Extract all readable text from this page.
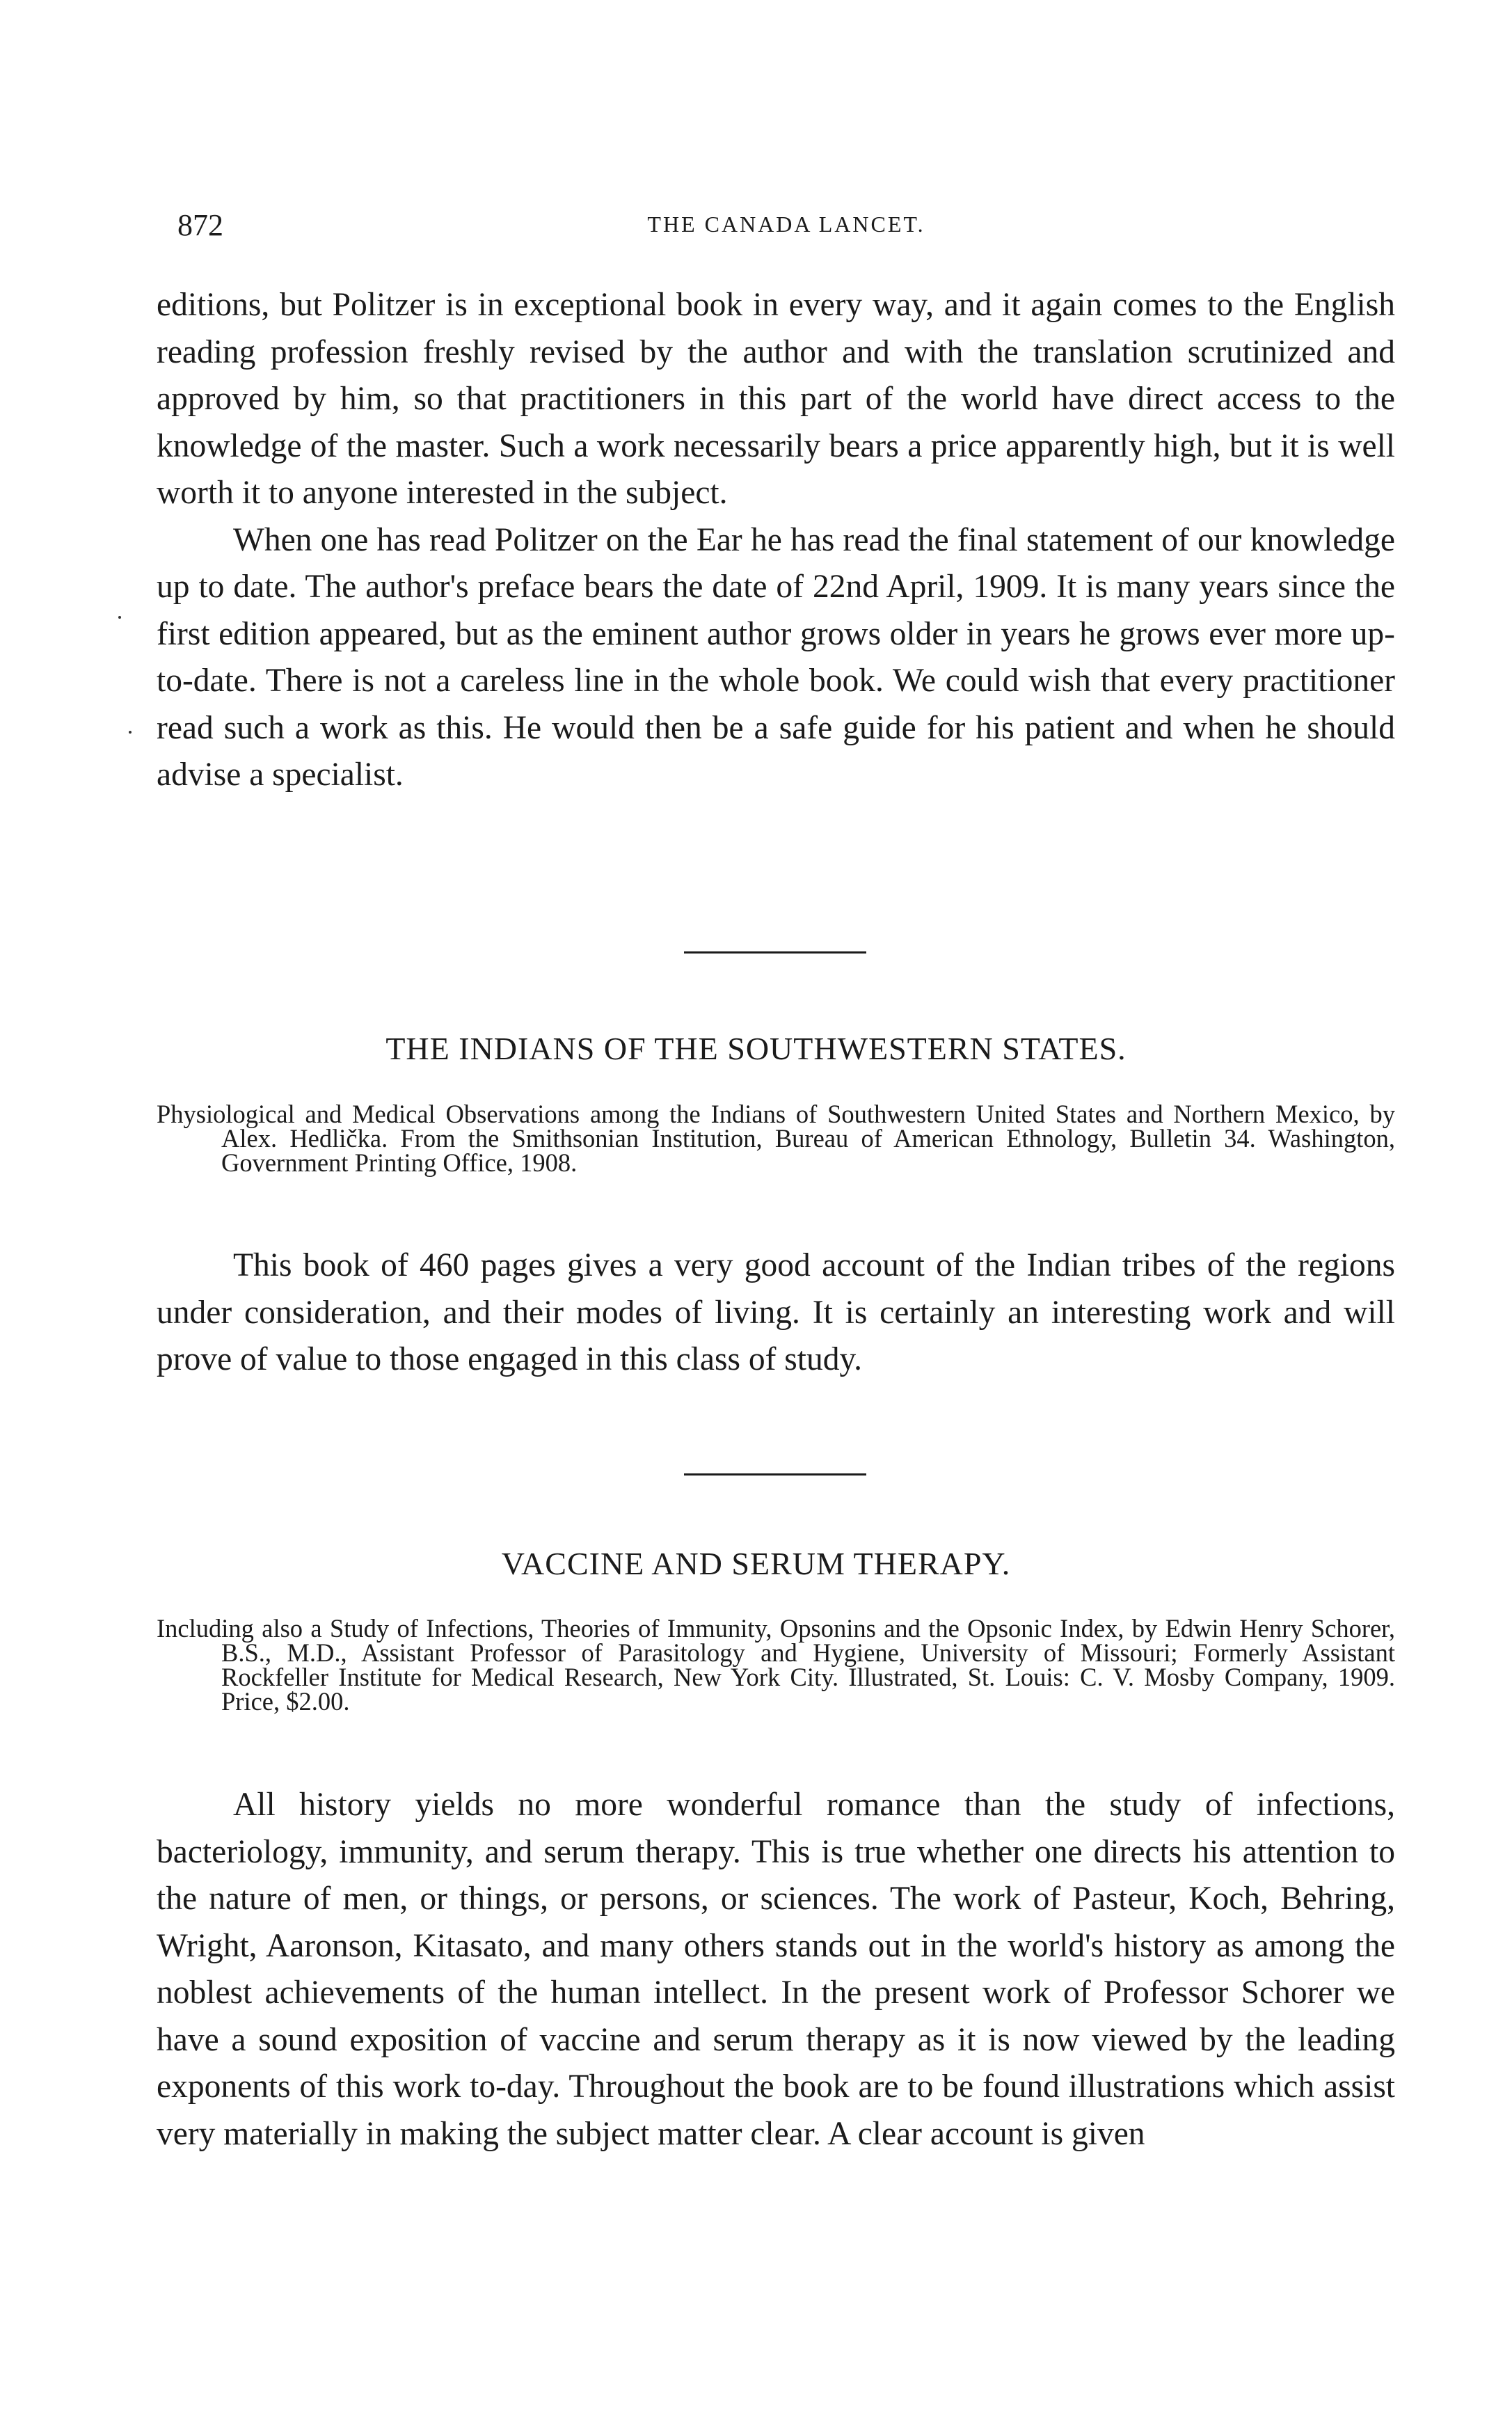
872	THE CANADA LANCET.

editions, but Politzer is in exceptional book in every way, and it again comes to the English reading profession freshly revised by the author and with the translation scrutinized and approved by him, so that practitioners in this part of the world have direct access to the knowledge of the master. Such a work necessarily bears a price apparently high, but it is well worth it to anyone interested in the subject.

When one has read Politzer on the Ear he has read the final statement of our knowledge up to date. The author's preface bears the date of 22nd April, 1909. It is many years since the first edition appeared, but as the eminent author grows older in years he grows ever more up-to-date. There is not a careless line in the whole book. We could wish that every practitioner read such a work as this. He would then be a safe guide for his patient and when he should advise a specialist.

THE INDIANS OF THE SOUTHWESTERN STATES.
Physiological and Medical Observations among the Indians of Southwestern United States and Northern Mexico, by Alex. Hedlička. From the Smithsonian Institution, Bureau of American Ethnology, Bulletin 34. Washington, Government Printing Office, 1908.

This book of 460 pages gives a very good account of the Indian tribes of the regions under consideration, and their modes of living. It is certainly an interesting work and will prove of value to those engaged in this class of study.

VACCINE AND SERUM THERAPY.
Including also a Study of Infections, Theories of Immunity, Opsonins and the Opsonic Index, by Edwin Henry Schorer, B.S., M.D., Assistant Professor of Parasitology and Hygiene, University of Missouri; Formerly Assistant Rockfeller Institute for Medical Research, New York City. Illustrated, St. Louis: C. V. Mosby Company, 1909. Price, $2.00.

All history yields no more wonderful romance than the study of infections, bacteriology, immunity, and serum therapy. This is true whether one directs his attention to the nature of men, or things, or persons, or sciences. The work of Pasteur, Koch, Behring, Wright, Aaronson, Kitasato, and many others stands out in the world's history as among the noblest achievements of the human intellect. In the present work of Professor Schorer we have a sound exposition of vaccine and serum therapy as it is now viewed by the leading exponents of this work to-day. Throughout the book are to be found illustrations which assist very materially in making the subject matter clear. A clear account is given
